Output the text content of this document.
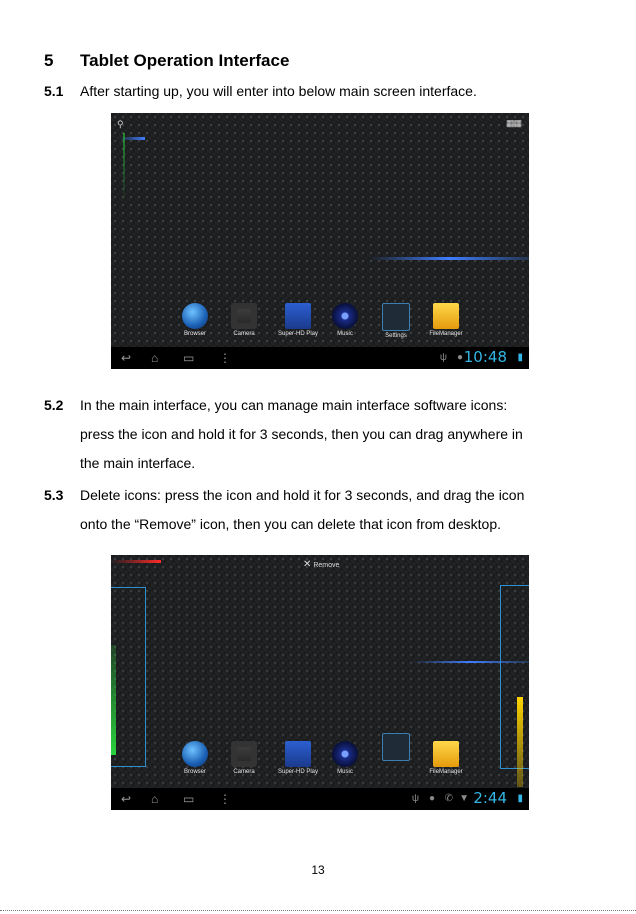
5 Tablet Operation Interface
5.1 After starting up, you will enter into below main screen interface.
⚲	▦▦
Browser	Camera	Super-HD Play	Music	Settings	FileManager
↩ ⌂ ▭ ⋮	ψ ● 10:48 ▮
5.2 In the main interface, you can manage main interface software icons:
press the icon and hold it for 3 seconds, then you can drag anywhere in
the main interface.
5.3 Delete icons: press the icon and hold it for 3 seconds, and drag the icon
onto the “Remove” icon, then you can delete that icon from desktop.
✕ Remove
Browser	Camera	Super-HD Play	Music	FileManager
↩ ⌂ ▭ ⋮	ψ ● ✆ ▼ 2:44 ▮
13
